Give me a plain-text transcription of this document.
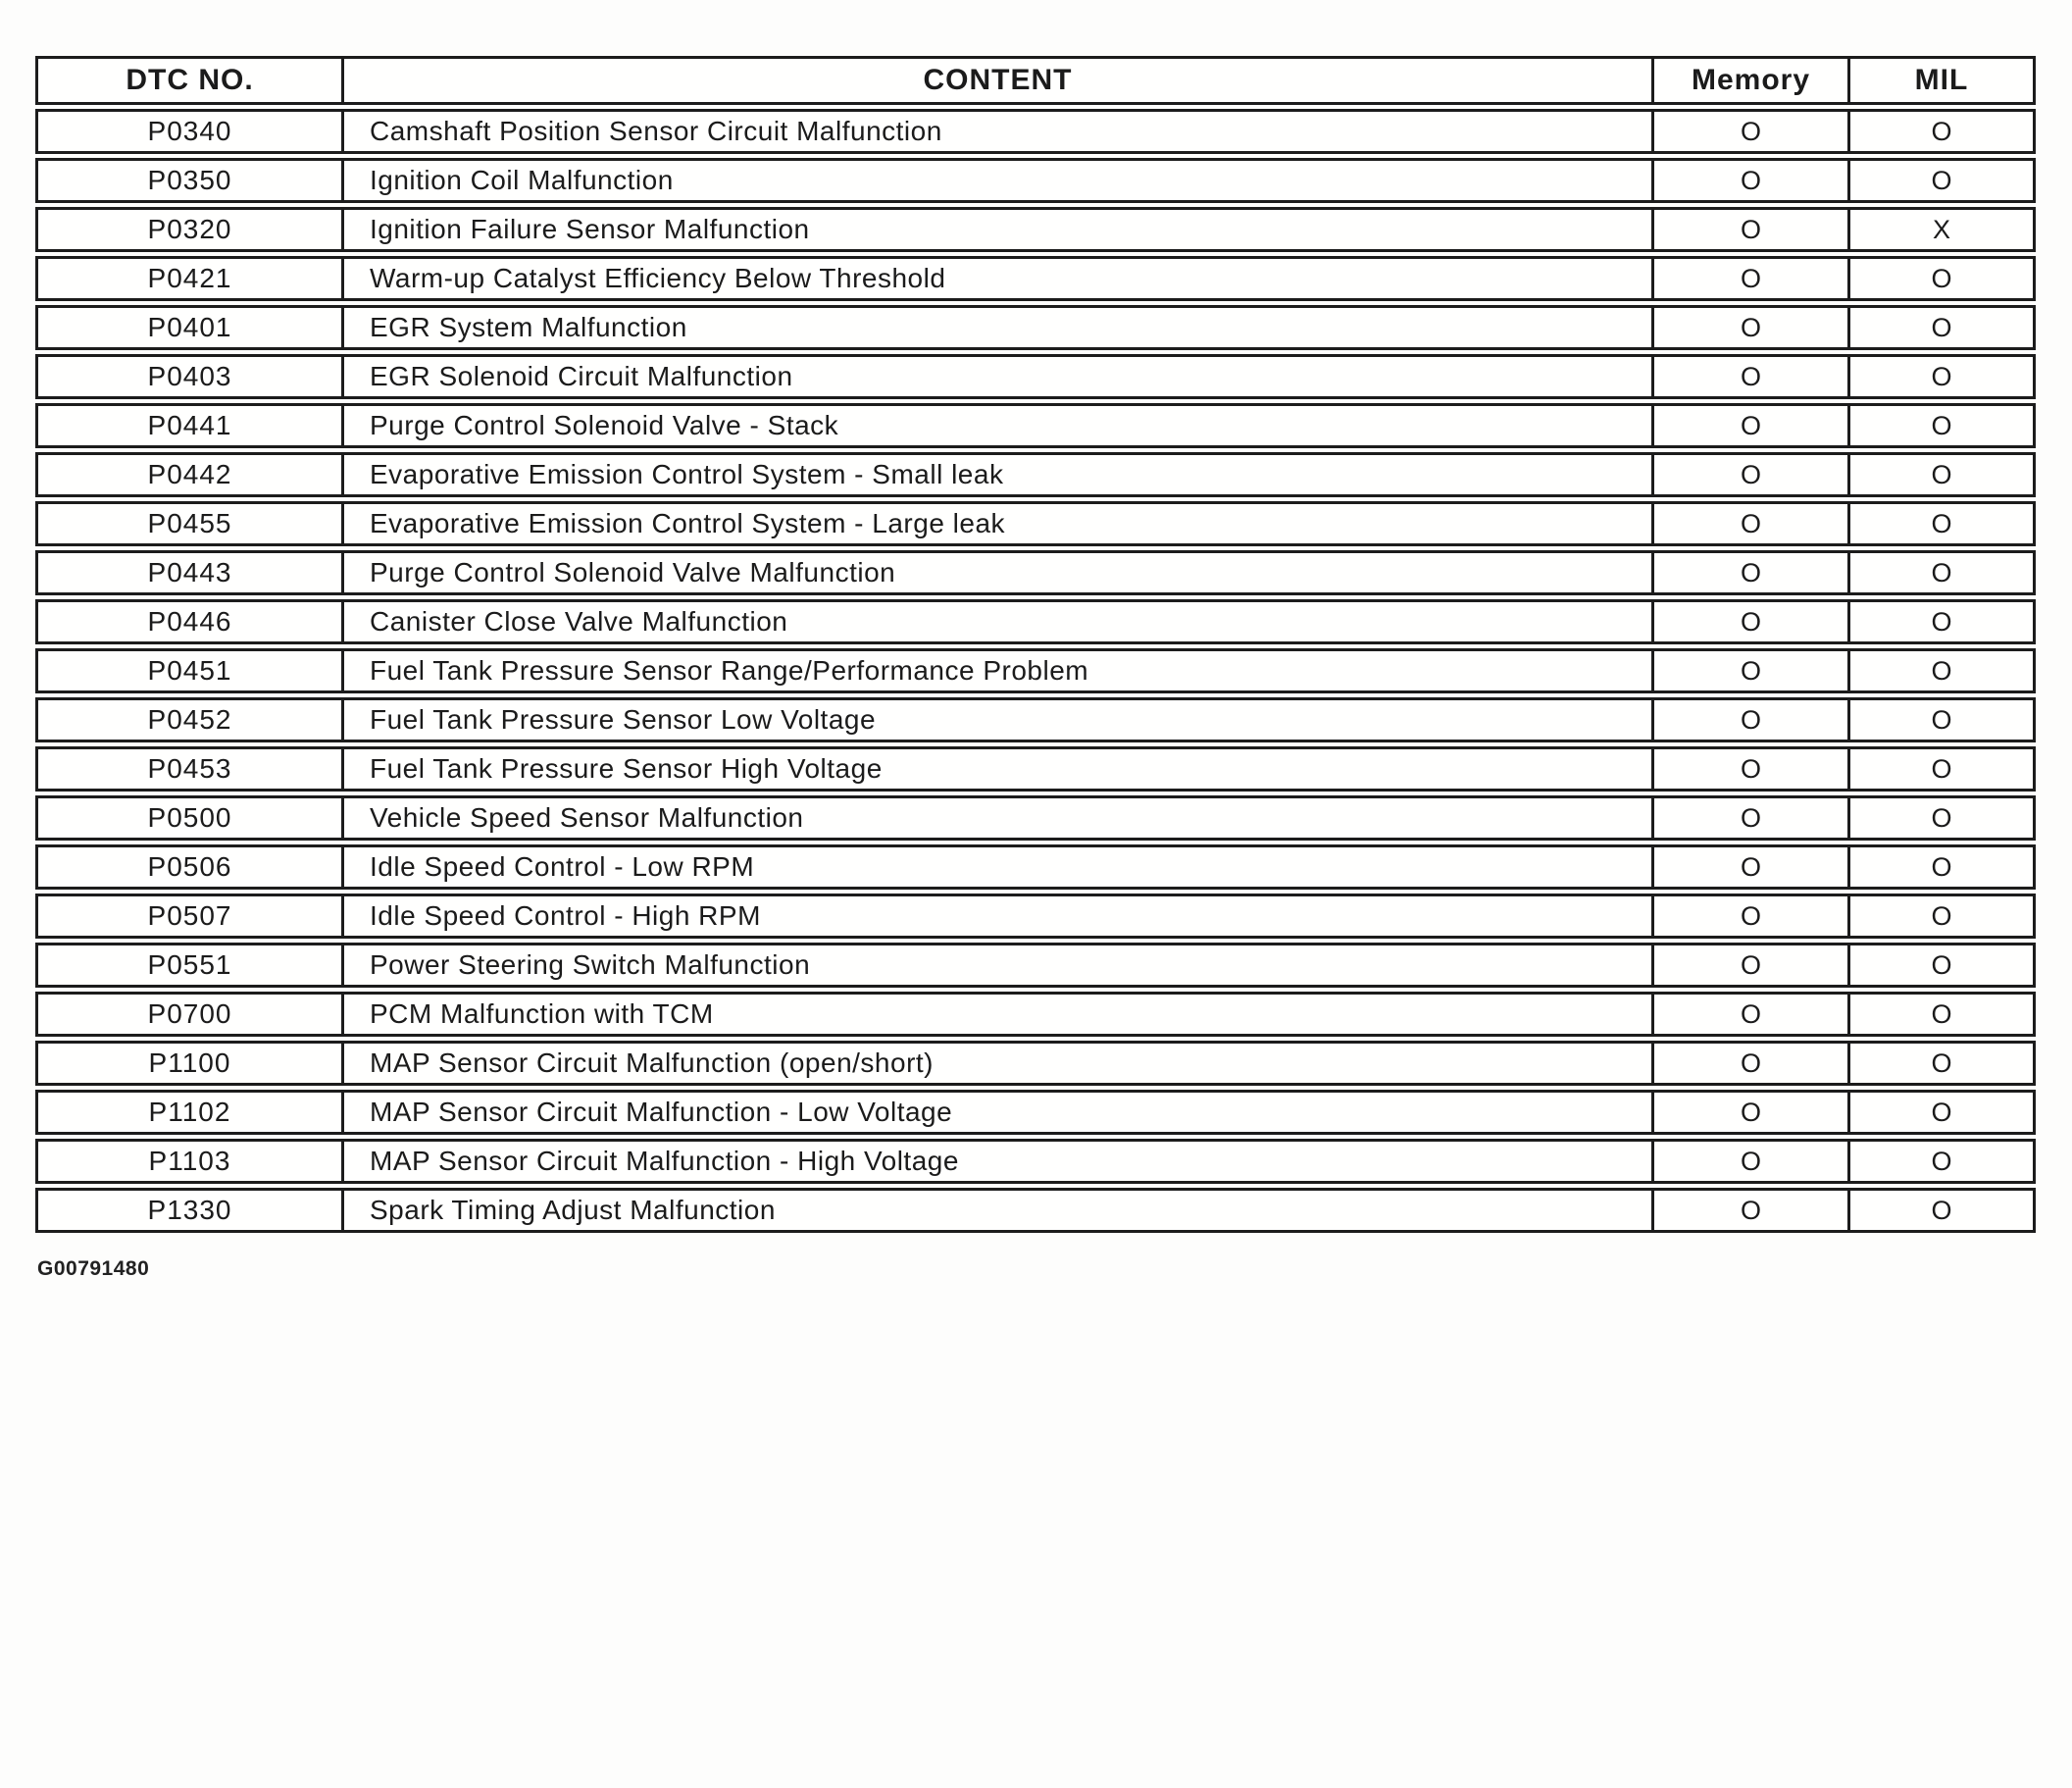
DTC NO.	CONTENT	Memory	MIL
P0340	Camshaft Position Sensor Circuit Malfunction	O	O
P0350	Ignition Coil Malfunction	O	O
P0320	Ignition Failure Sensor Malfunction	O	X
P0421	Warm-up Catalyst Efficiency Below Threshold	O	O
P0401	EGR System Malfunction	O	O
P0403	EGR Solenoid Circuit Malfunction	O	O
P0441	Purge Control Solenoid Valve - Stack	O	O
P0442	Evaporative Emission Control System - Small leak	O	O
P0455	Evaporative Emission Control System - Large leak	O	O
P0443	Purge Control Solenoid Valve Malfunction	O	O
P0446	Canister Close Valve Malfunction	O	O
P0451	Fuel Tank Pressure Sensor Range/Performance Problem	O	O
P0452	Fuel Tank Pressure Sensor Low Voltage	O	O
P0453	Fuel Tank Pressure Sensor High Voltage	O	O
P0500	Vehicle Speed Sensor Malfunction	O	O
P0506	Idle Speed Control - Low RPM	O	O
P0507	Idle Speed Control - High RPM	O	O
P0551	Power Steering Switch Malfunction	O	O
P0700	PCM Malfunction with TCM	O	O
P1100	MAP Sensor Circuit Malfunction (open/short)	O	O
P1102	MAP Sensor Circuit Malfunction - Low Voltage	O	O
P1103	MAP Sensor Circuit Malfunction - High Voltage	O	O
P1330	Spark Timing Adjust Malfunction	O	O
G00791480
